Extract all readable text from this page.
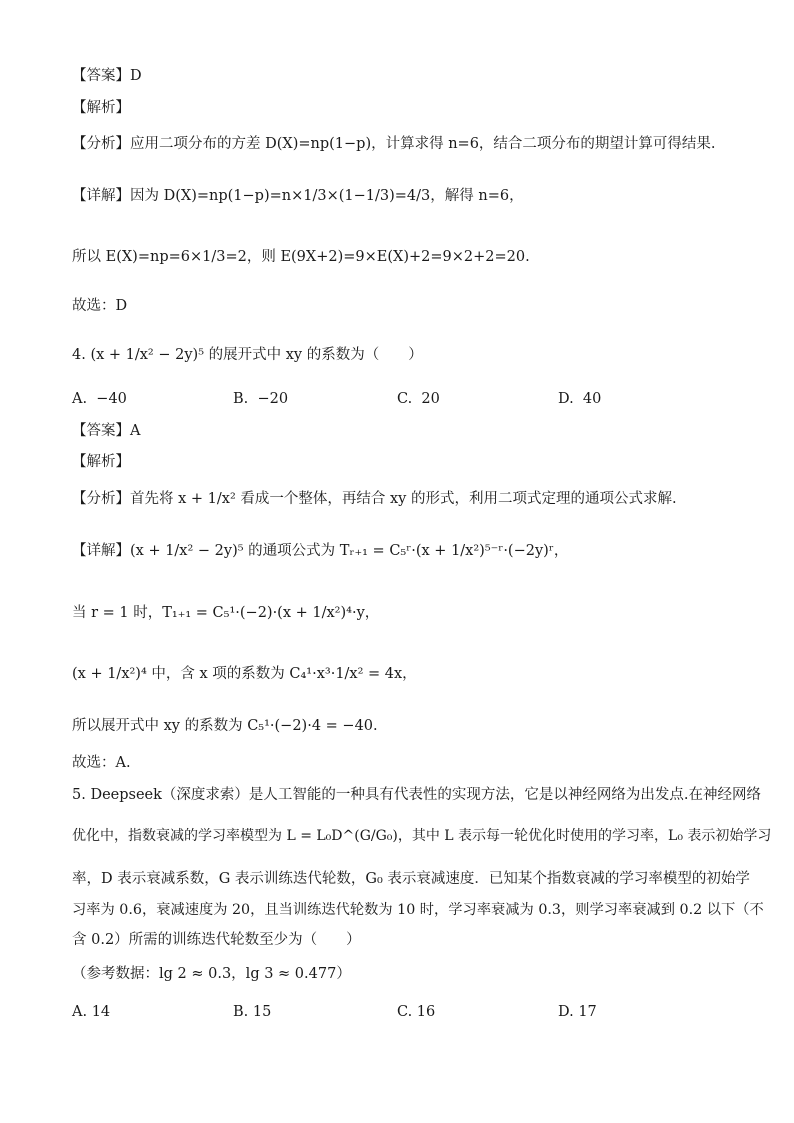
【答案】D
【解析】
【分析】应用二项分布的方差 D(X)=np(1−p)，计算求得 n=6，结合二项分布的期望计算可得结果.
【详解】因为 D(X)=np(1−p)=n×1/3×(1−1/3)=4/3，解得 n=6，
所以 E(X)=np=6×1/3=2，则 E(9X+2)=9×E(X)+2=9×2+2=20.
故选：D
4. (x + 1/x² − 2y)⁵ 的展开式中 xy 的系数为（　　）
A.  −40	B.  −20	C.  20	D.  40
【答案】A
【解析】
【分析】首先将 x + 1/x² 看成一个整体，再结合 xy 的形式，利用二项式定理的通项公式求解.
【详解】(x + 1/x² − 2y)⁵ 的通项公式为 Tᵣ₊₁ = C₅ʳ·(x + 1/x²)⁵⁻ʳ·(−2y)ʳ，
当 r = 1 时，T₁₊₁ = C₅¹·(−2)·(x + 1/x²)⁴·y，
(x + 1/x²)⁴ 中，含 x 项的系数为 C₄¹·x³·1/x² = 4x，
所以展开式中 xy 的系数为 C₅¹·(−2)·4 = −40.
故选：A.
5. Deepseek（深度求索）是人工智能的一种具有代表性的实现方法，它是以神经网络为出发点.在神经网络
优化中，指数衰减的学习率模型为 L = L₀D^(G/G₀)，其中 L 表示每一轮优化时使用的学习率，L₀ 表示初始学习
率，D 表示衰减系数，G 表示训练迭代轮数，G₀ 表示衰减速度．已知某个指数衰减的学习率模型的初始学
习率为 0.6，衰减速度为 20，且当训练迭代轮数为 10 时，学习率衰减为 0.3，则学习率衰减到 0.2 以下（不
含 0.2）所需的训练迭代轮数至少为（　　）
（参考数据：lg 2 ≈ 0.3，lg 3 ≈ 0.477）
A. 14	B. 15	C. 16	D. 17
